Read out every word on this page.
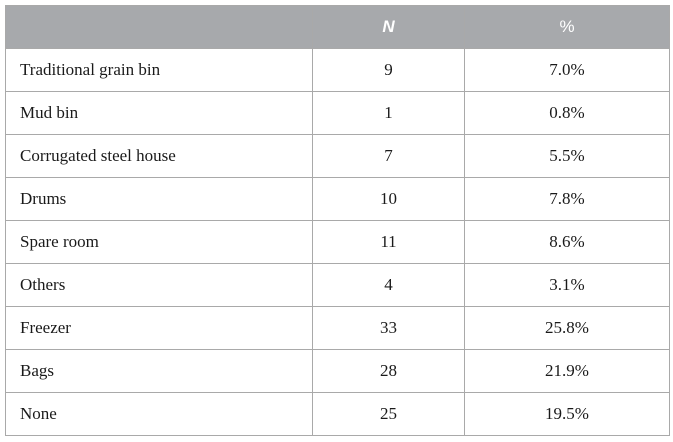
	N	%
Traditional grain bin	9	7.0%
Mud bin	1	0.8%
Corrugated steel house	7	5.5%
Drums	10	7.8%
Spare room	11	8.6%
Others	4	3.1%
Freezer	33	25.8%
Bags	28	21.9%
None	25	19.5%
